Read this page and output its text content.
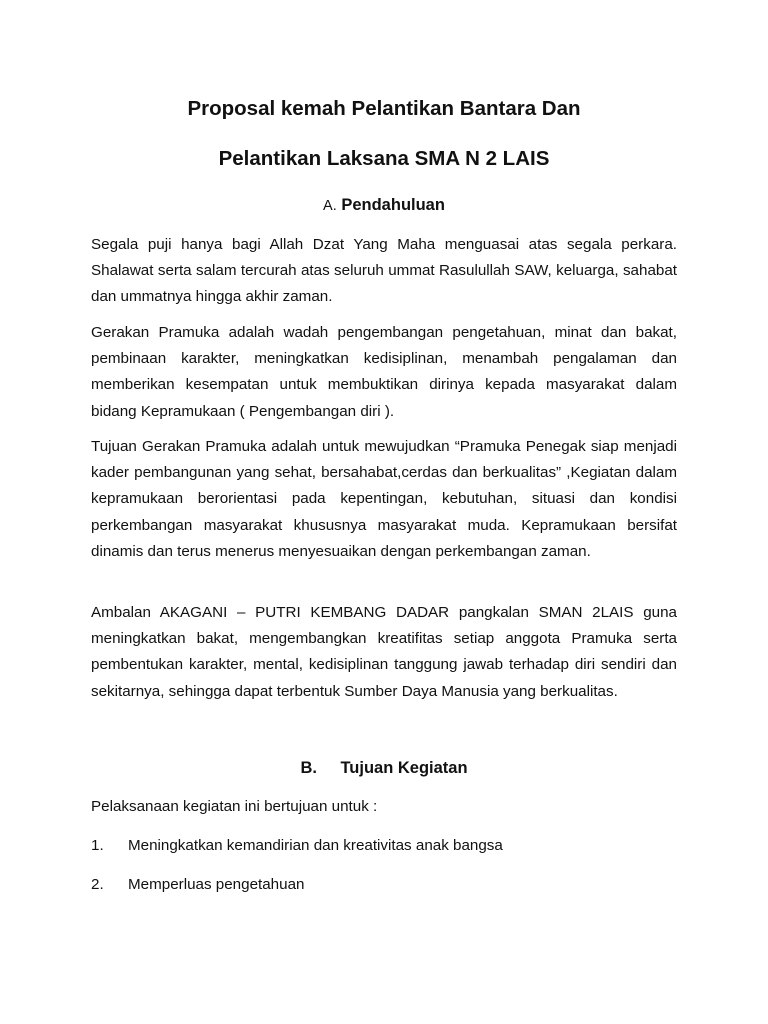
Proposal kemah Pelantikan Bantara Dan
Pelantikan Laksana SMA N 2 LAIS
A. Pendahuluan

Segala puji hanya bagi Allah Dzat Yang Maha menguasai atas segala perkara. Shalawat serta salam tercurah atas seluruh ummat Rasulullah SAW, keluarga, sahabat dan ummatnya hingga akhir zaman.

Gerakan Pramuka adalah wadah pengembangan pengetahuan, minat dan bakat, pembinaan karakter, meningkatkan kedisiplinan, menambah pengalaman dan memberikan kesempatan untuk membuktikan dirinya kepada masyarakat dalam bidang Kepramukaan ( Pengembangan diri ).

Tujuan Gerakan Pramuka adalah untuk mewujudkan “Pramuka Penegak siap menjadi kader pembangunan yang sehat, bersahabat,cerdas dan berkualitas” ,Kegiatan dalam kepramukaan berorientasi pada kepentingan, kebutuhan, situasi dan kondisi perkembangan masyarakat khususnya masyarakat muda. Kepramukaan bersifat dinamis dan terus menerus menyesuaikan dengan perkembangan zaman.

Ambalan AKAGANI – PUTRI KEMBANG DADAR pangkalan SMAN 2LAIS guna meningkatkan bakat, mengembangkan kreatifitas setiap anggota Pramuka serta pembentukan karakter, mental, kedisiplinan tanggung jawab terhadap diri sendiri dan sekitarnya, sehingga dapat terbentuk Sumber Daya Manusia yang berkualitas.

B. Tujuan Kegiatan

Pelaksanaan kegiatan ini bertujuan untuk :

1. Meningkatkan kemandirian dan kreativitas anak bangsa

2. Memperluas pengetahuan
